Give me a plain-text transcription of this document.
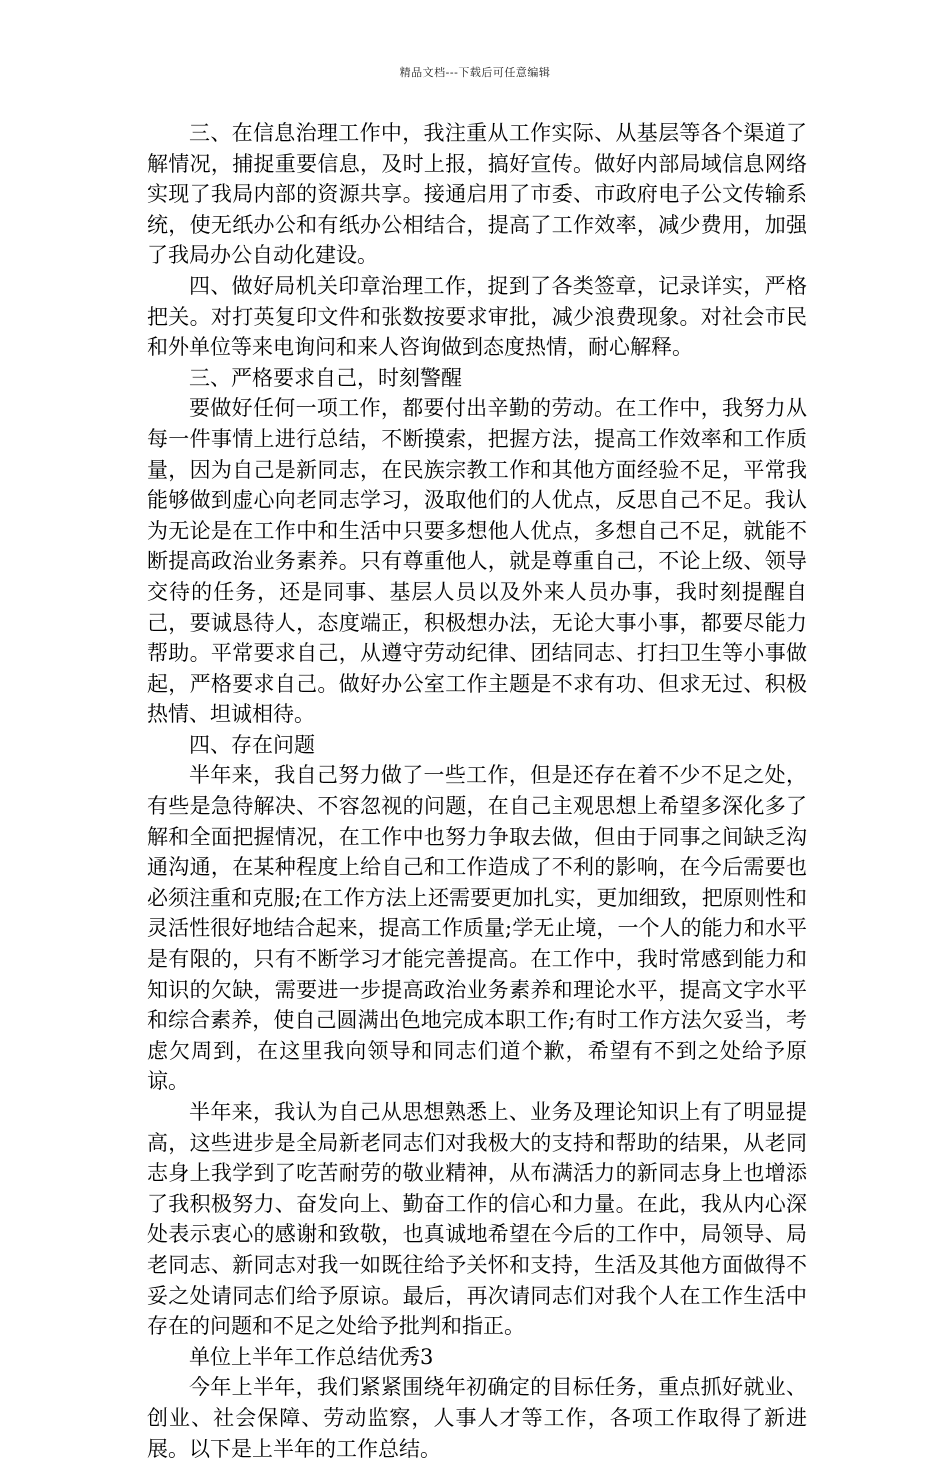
精品文档---下载后可任意编辑

三、在信息治理工作中，我注重从工作实际、从基层等各个渠道了解情况，捕捉重要信息，及时上报，搞好宣传。做好内部局域信息网络实现了我局内部的资源共享。接通启用了市委、市政府电子公文传输系统，使无纸办公和有纸办公相结合，提高了工作效率，减少费用，加强了我局办公自动化建设。

四、做好局机关印章治理工作，捉到了各类签章，记录详实，严格把关。对打英复印文件和张数按要求审批，减少浪费现象。对社会市民和外单位等来电询问和来人咨询做到态度热情，耐心解释。

三、严格要求自己，时刻警醒

要做好任何一项工作，都要付出辛勤的劳动。在工作中，我努力从每一件事情上进行总结，不断摸索，把握方法，提高工作效率和工作质量，因为自己是新同志，在民族宗教工作和其他方面经验不足，平常我能够做到虚心向老同志学习，汲取他们的人优点，反思自己不足。我认为无论是在工作中和生活中只要多想他人优点，多想自己不足，就能不断提高政治业务素养。只有尊重他人，就是尊重自己，不论上级、领导交待的任务，还是同事、基层人员以及外来人员办事，我时刻提醒自己，要诚恳待人，态度端正，积极想办法，无论大事小事，都要尽能力帮助。平常要求自己，从遵守劳动纪律、团结同志、打扫卫生等小事做起，严格要求自己。做好办公室工作主题是不求有功、但求无过、积极热情、坦诚相待。

四、存在问题

半年来，我自己努力做了一些工作，但是还存在着不少不足之处，有些是急待解决、不容忽视的问题，在自己主观思想上希望多深化多了解和全面把握情况，在工作中也努力争取去做，但由于同事之间缺乏沟通沟通，在某种程度上给自己和工作造成了不利的影响，在今后需要也必须注重和克服;在工作方法上还需要更加扎实，更加细致，把原则性和灵活性很好地结合起来，提高工作质量;学无止境，一个人的能力和水平是有限的，只有不断学习才能完善提高。在工作中，我时常感到能力和知识的欠缺，需要进一步提高政治业务素养和理论水平，提高文字水平和综合素养，使自己圆满出色地完成本职工作;有时工作方法欠妥当，考虑欠周到，在这里我向领导和同志们道个歉，希望有不到之处给予原谅。

半年来，我认为自己从思想熟悉上、业务及理论知识上有了明显提高，这些进步是全局新老同志们对我极大的支持和帮助的结果，从老同志身上我学到了吃苦耐劳的敬业精神，从布满活力的新同志身上也增添了我积极努力、奋发向上、勤奋工作的信心和力量。在此，我从内心深处表示衷心的感谢和致敬，也真诚地希望在今后的工作中，局领导、局老同志、新同志对我一如既往给予关怀和支持，生活及其他方面做得不妥之处请同志们给予原谅。最后，再次请同志们对我个人在工作生活中存在的问题和不足之处给予批判和指正。

单位上半年工作总结优秀3

今年上半年，我们紧紧围绕年初确定的目标任务，重点抓好就业、创业、社会保障、劳动监察，人事人才等工作，各项工作取得了新进展。以下是上半年的工作总结。
